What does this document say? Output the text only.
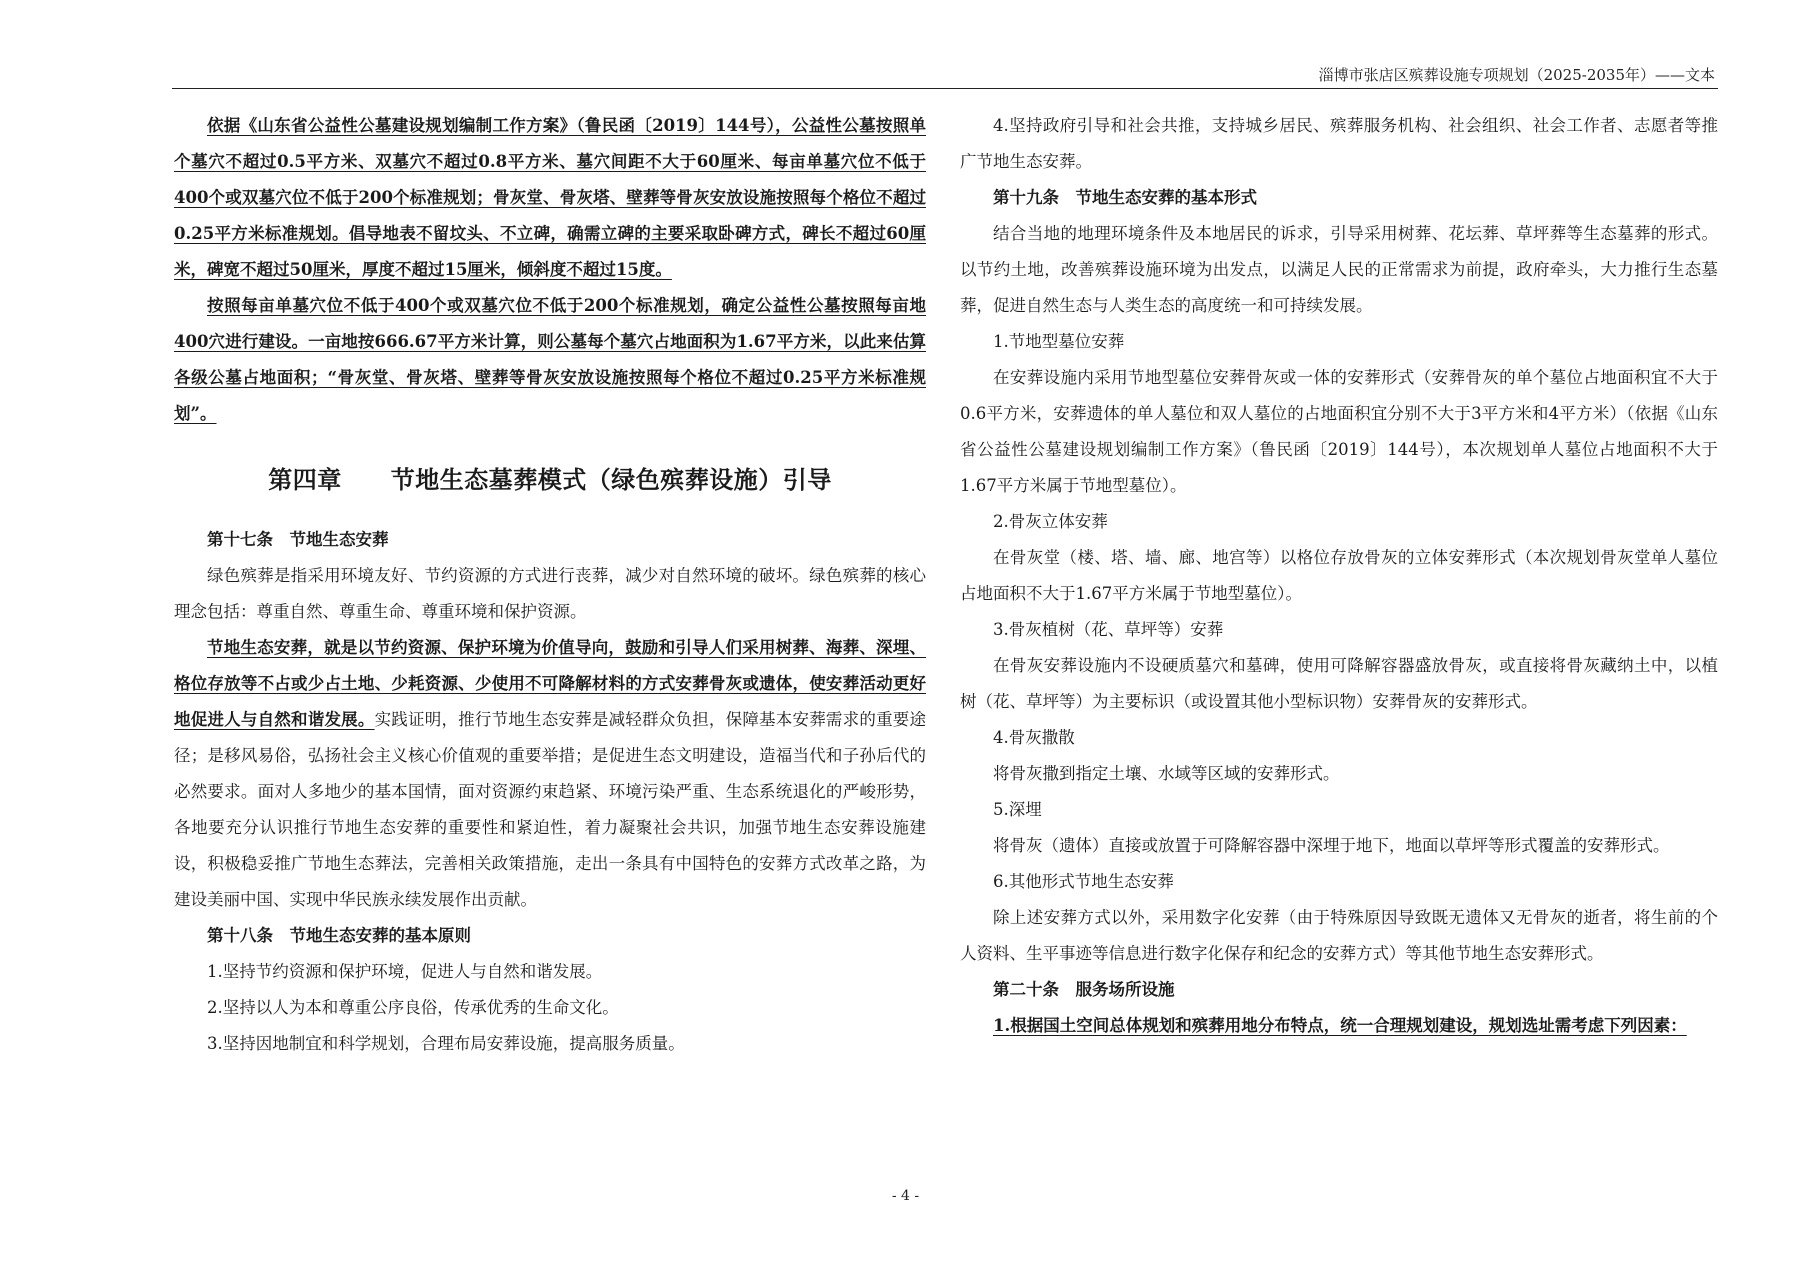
淄博市张店区殡葬设施专项规划（2025-2035年）——文本

依据《山东省公益性公墓建设规划编制工作方案》（鲁民函〔2019〕144号），公益性公墓按照单个墓穴不超过0.5平方米、双墓穴不超过0.8平方米、墓穴间距不大于60厘米、每亩单墓穴位不低于400个或双墓穴位不低于200个标准规划；骨灰堂、骨灰塔、壁葬等骨灰安放设施按照每个格位不超过0.25平方米标准规划。倡导地表不留坟头、不立碑，确需立碑的主要采取卧碑方式，碑长不超过60厘米，碑宽不超过50厘米，厚度不超过15厘米，倾斜度不超过15度。

按照每亩单墓穴位不低于400个或双墓穴位不低于200个标准规划，确定公益性公墓按照每亩地400穴进行建设。一亩地按666.67平方米计算，则公墓每个墓穴占地面积为1.67平方米，以此来估算各级公墓占地面积；“骨灰堂、骨灰塔、壁葬等骨灰安放设施按照每个格位不超过0.25平方米标准规划”。

第四章　　节地生态墓葬模式（绿色殡葬设施）引导

第十七条　节地生态安葬

绿色殡葬是指采用环境友好、节约资源的方式进行丧葬，减少对自然环境的破坏。绿色殡葬的核心理念包括：尊重自然、尊重生命、尊重环境和保护资源。

节地生态安葬，就是以节约资源、保护环境为价值导向，鼓励和引导人们采用树葬、海葬、深埋、格位存放等不占或少占土地、少耗资源、少使用不可降解材料的方式安葬骨灰或遗体，使安葬活动更好地促进人与自然和谐发展。实践证明，推行节地生态安葬是减轻群众负担，保障基本安葬需求的重要途径；是移风易俗，弘扬社会主义核心价值观的重要举措；是促进生态文明建设，造福当代和子孙后代的必然要求。面对人多地少的基本国情，面对资源约束趋紧、环境污染严重、生态系统退化的严峻形势，各地要充分认识推行节地生态安葬的重要性和紧迫性，着力凝聚社会共识，加强节地生态安葬设施建设，积极稳妥推广节地生态葬法，完善相关政策措施，走出一条具有中国特色的安葬方式改革之路，为建设美丽中国、实现中华民族永续发展作出贡献。

第十八条　节地生态安葬的基本原则

1.坚持节约资源和保护环境，促进人与自然和谐发展。

2.坚持以人为本和尊重公序良俗，传承优秀的生命文化。

3.坚持因地制宜和科学规划，合理布局安葬设施，提高服务质量。

4.坚持政府引导和社会共推，支持城乡居民、殡葬服务机构、社会组织、社会工作者、志愿者等推广节地生态安葬。

第十九条　节地生态安葬的基本形式

结合当地的地理环境条件及本地居民的诉求，引导采用树葬、花坛葬、草坪葬等生态墓葬的形式。以节约土地，改善殡葬设施环境为出发点，以满足人民的正常需求为前提，政府牵头，大力推行生态墓葬，促进自然生态与人类生态的高度统一和可持续发展。

1.节地型墓位安葬

在安葬设施内采用节地型墓位安葬骨灰或一体的安葬形式（安葬骨灰的单个墓位占地面积宜不大于0.6平方米，安葬遗体的单人墓位和双人墓位的占地面积宜分别不大于3平方米和4平方米）（依据《山东省公益性公墓建设规划编制工作方案》（鲁民函〔2019〕144号），本次规划单人墓位占地面积不大于1.67平方米属于节地型墓位）。

2.骨灰立体安葬

在骨灰堂（楼、塔、墙、廊、地宫等）以格位存放骨灰的立体安葬形式（本次规划骨灰堂单人墓位占地面积不大于1.67平方米属于节地型墓位）。

3.骨灰植树（花、草坪等）安葬

在骨灰安葬设施内不设硬质墓穴和墓碑，使用可降解容器盛放骨灰，或直接将骨灰藏纳土中，以植树（花、草坪等）为主要标识（或设置其他小型标识物）安葬骨灰的安葬形式。

4.骨灰撒散

将骨灰撒到指定土壤、水域等区域的安葬形式。

5.深埋

将骨灰（遗体）直接或放置于可降解容器中深埋于地下，地面以草坪等形式覆盖的安葬形式。

6.其他形式节地生态安葬

除上述安葬方式以外，采用数字化安葬（由于特殊原因导致既无遗体又无骨灰的逝者，将生前的个人资料、生平事迹等信息进行数字化保存和纪念的安葬方式）等其他节地生态安葬形式。

第二十条　服务场所设施

1.根据国土空间总体规划和殡葬用地分布特点，统一合理规划建设，规划选址需考虑下列因素：

- 4 -
